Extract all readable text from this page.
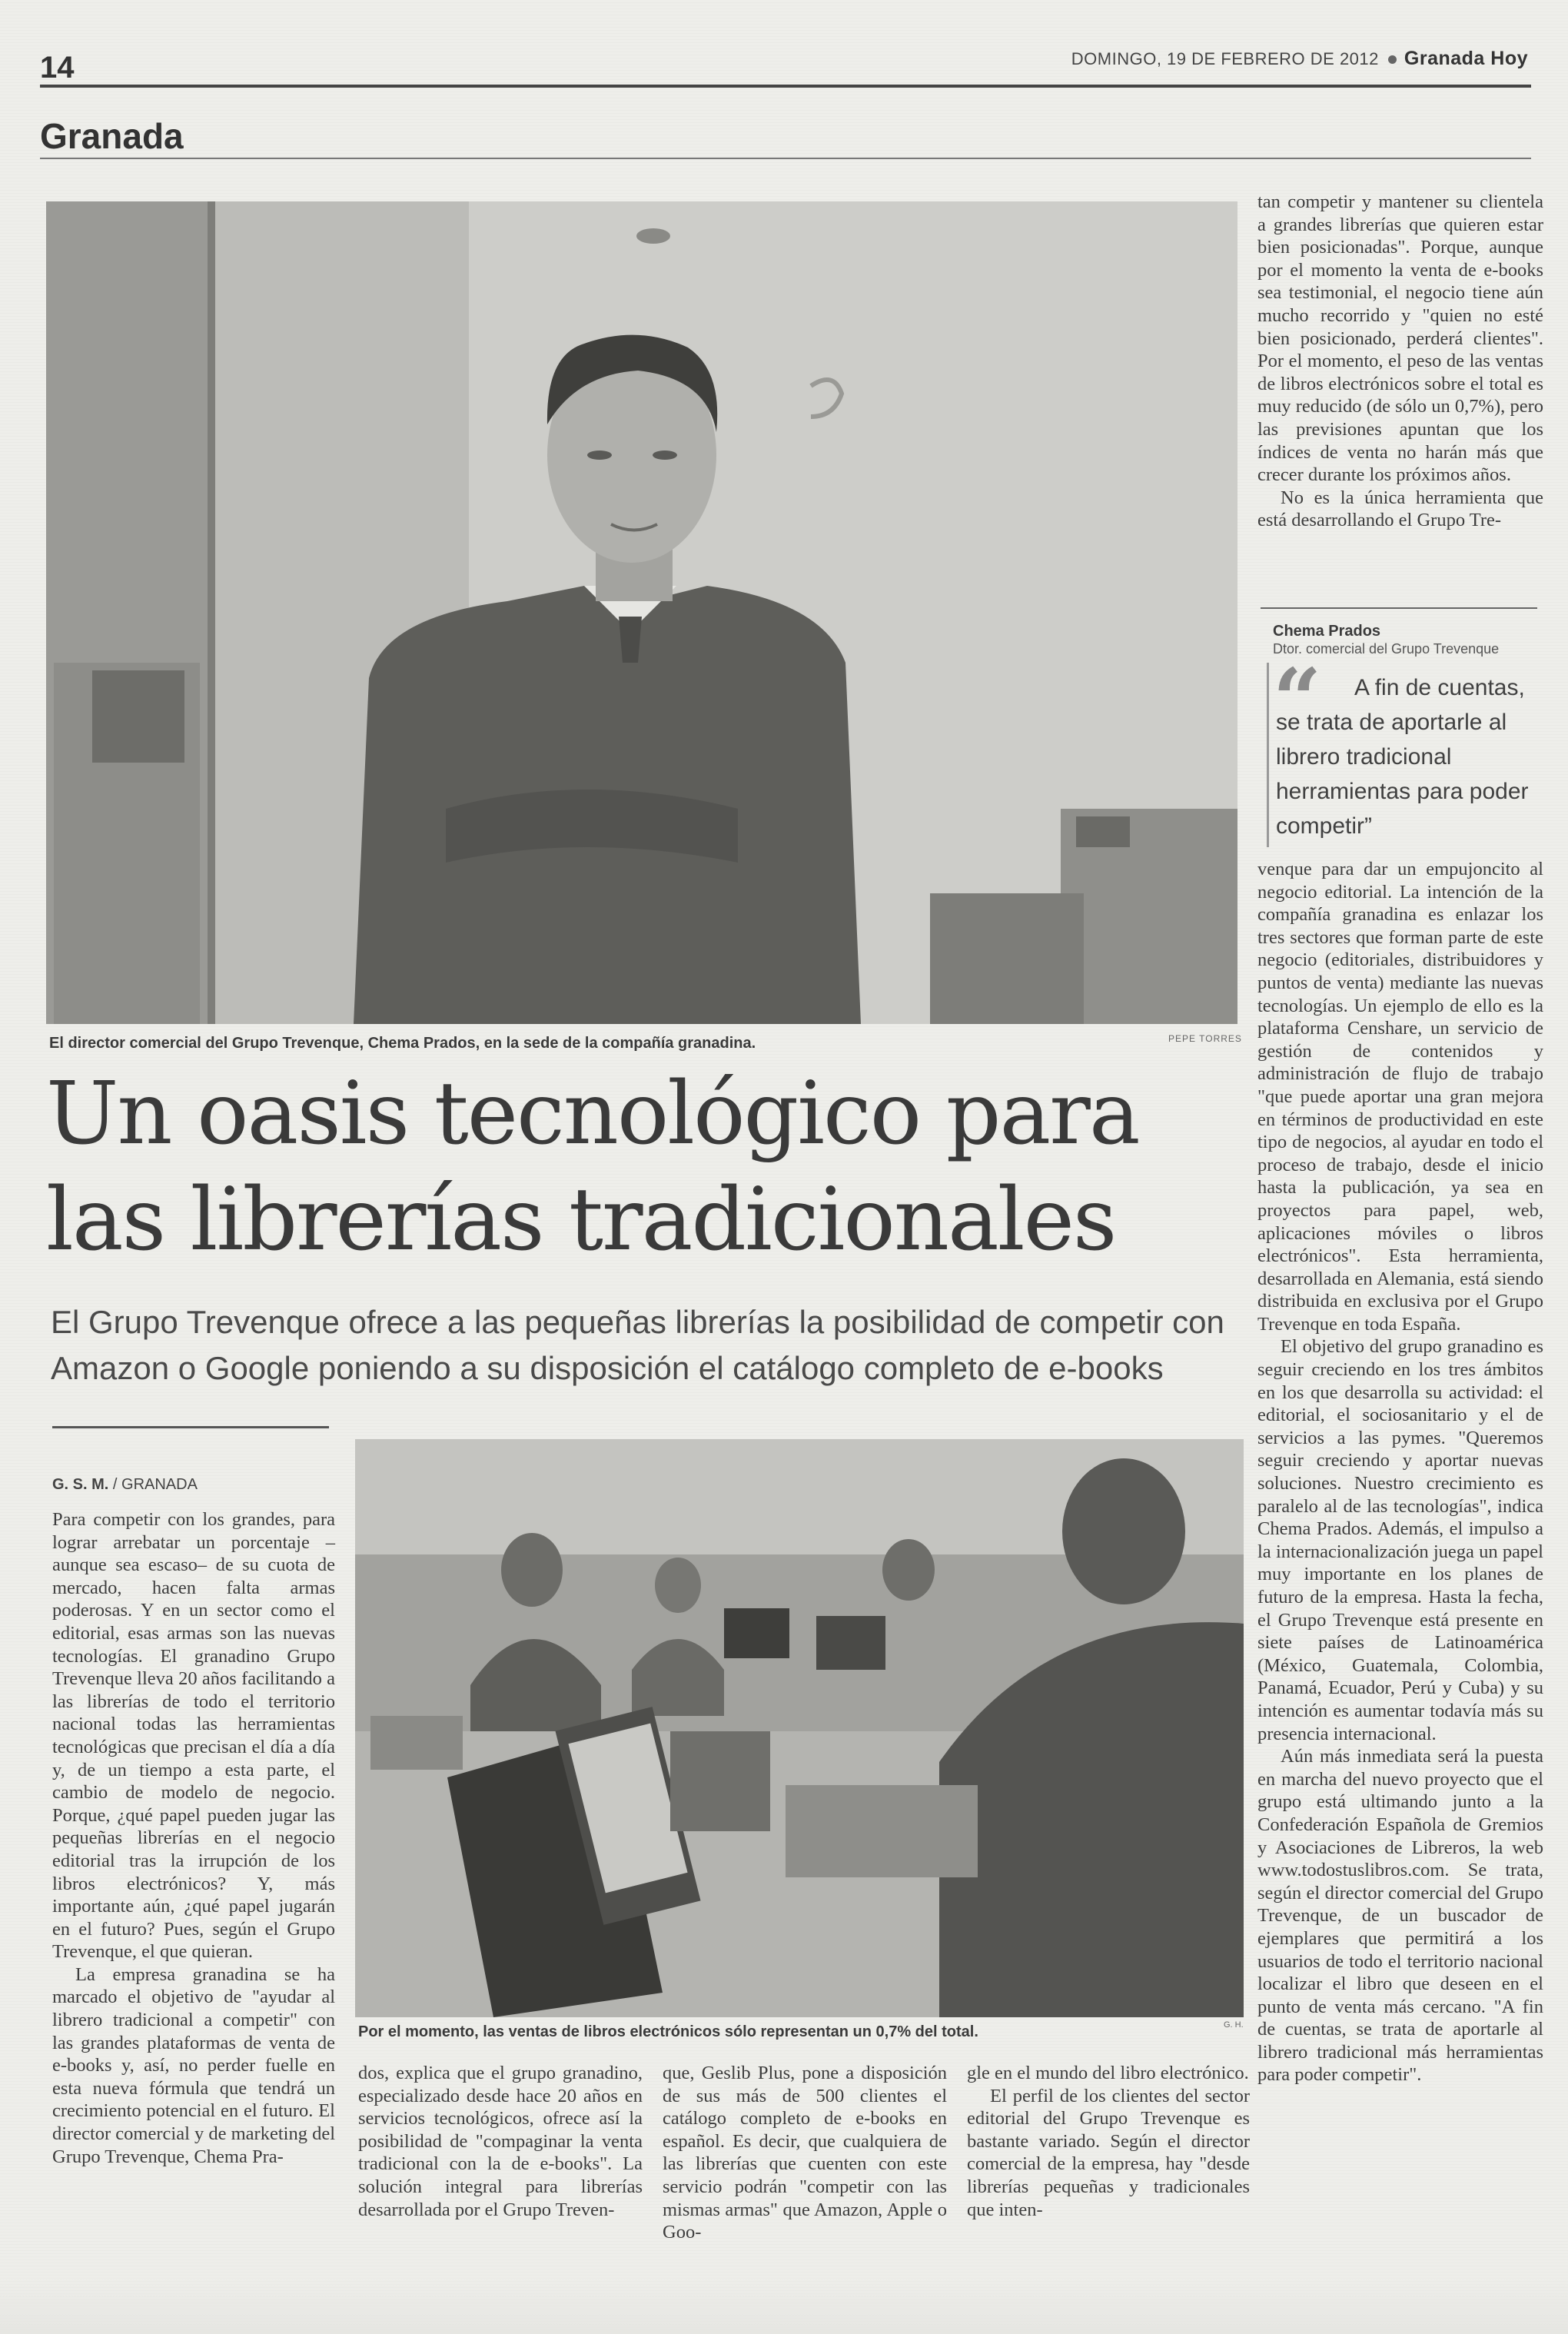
14	DOMINGO, 19 DE FEBRERO DE 2012 Granada Hoy
Granada
El director comercial del Grupo Trevenque, Chema Prados, en la sede de la compañía granadina.	PEPE TORRES
Un oasis tecnológico para
las librerías tradicionales
El Grupo Trevenque ofrece a las pequeñas librerías la posibilidad de competir con Amazon o Google poniendo a su disposición el catálogo completo de e-books
G. S. M. / GRANADA
Por el momento, las ventas de libros electrónicos sólo representan un 0,7% del total.	G. H.

Para competir con los grandes, para lograr arrebatar un porcentaje –aunque sea escaso– de su cuota de mercado, hacen falta armas poderosas. Y en un sector como el editorial, esas armas son las nuevas tecnologías. El granadino Grupo Trevenque lleva 20 años facilitando a las librerías de todo el territorio nacional todas las herramientas tecnológicas que precisan el día a día y, de un tiempo a esta parte, el cambio de modelo de negocio. Porque, ¿qué papel pueden jugar las pequeñas librerías en el negocio editorial tras la irrupción de los libros electrónicos? Y, más importante aún, ¿qué papel jugarán en el futuro? Pues, según el Grupo Trevenque, el que quieran.

La empresa granadina se ha marcado el objetivo de "ayudar al librero tradicional a competir" con las grandes plataformas de venta de e-books y, así, no perder fuelle en esta nueva fórmula que tendrá un crecimiento potencial en el futuro. El director comercial y de marketing del Grupo Trevenque, Chema Pra-

dos, explica que el grupo granadino, especializado desde hace 20 años en servicios tecnológicos, ofrece así la posibilidad de "compaginar la venta tradicional con la de e-books". La solución integral para librerías desarrollada por el Grupo Treven-

que, Geslib Plus, pone a disposición de sus más de 500 clientes el catálogo completo de e-books en español. Es decir, que cualquiera de las librerías que cuenten con este servicio podrán "competir con las mismas armas" que Amazon, Apple o Goo-

gle en el mundo del libro electrónico.

El perfil de los clientes del sector editorial del Grupo Trevenque es bastante variado. Según el director comercial de la empresa, hay "desde librerías pequeñas y tradicionales que inten-

tan competir y mantener su clientela a grandes librerías que quieren estar bien posicionadas". Porque, aunque por el momento la venta de e-books sea testimonial, el negocio tiene aún mucho recorrido y "quien no esté bien posicionado, perderá clientes". Por el momento, el peso de las ventas de libros electrónicos sobre el total es muy reducido (de sólo un 0,7%), pero las previsiones apuntan que los índices de venta no harán más que crecer durante los próximos años.

No es la única herramienta que está desarrollando el Grupo Tre-

Chema Prados
Dtor. comercial del Grupo Trevenque
“	A fin de cuentas, se trata de aportarle al librero tradicional herramientas para poder competir”

venque para dar un empujoncito al negocio editorial. La intención de la compañía granadina es enlazar los tres sectores que forman parte de este negocio (editoriales, distribuidores y puntos de venta) mediante las nuevas tecnologías. Un ejemplo de ello es la plataforma Censhare, un servicio de gestión de contenidos y administración de flujo de trabajo "que puede aportar una gran mejora en términos de productividad en este tipo de negocios, al ayudar en todo el proceso de trabajo, desde el inicio hasta la publicación, ya sea en proyectos para papel, web, aplicaciones móviles o libros electrónicos". Esta herramienta, desarrollada en Alemania, está siendo distribuida en exclusiva por el Grupo Trevenque en toda España.

El objetivo del grupo granadino es seguir creciendo en los tres ámbitos en los que desarrolla su actividad: el editorial, el sociosanitario y el de servicios a las pymes. "Queremos seguir creciendo y aportar nuevas soluciones. Nuestro crecimiento es paralelo al de las tecnologías", indica Chema Prados. Además, el impulso a la internacionalización juega un papel muy importante en los planes de futuro de la empresa. Hasta la fecha, el Grupo Trevenque está presente en siete países de Latinoamérica (México, Guatemala, Colombia, Panamá, Ecuador, Perú y Cuba) y su intención es aumentar todavía más su presencia internacional.

Aún más inmediata será la puesta en marcha del nuevo proyecto que el grupo está ultimando junto a la Confederación Española de Gremios y Asociaciones de Libreros, la web www.todostuslibros.com. Se trata, según el director comercial del Grupo Trevenque, de un buscador de ejemplares que permitirá a los usuarios de todo el territorio nacional localizar el libro que deseen en el punto de venta más cercano. "A fin de cuentas, se trata de aportarle al librero tradicional más herramientas para poder competir".
